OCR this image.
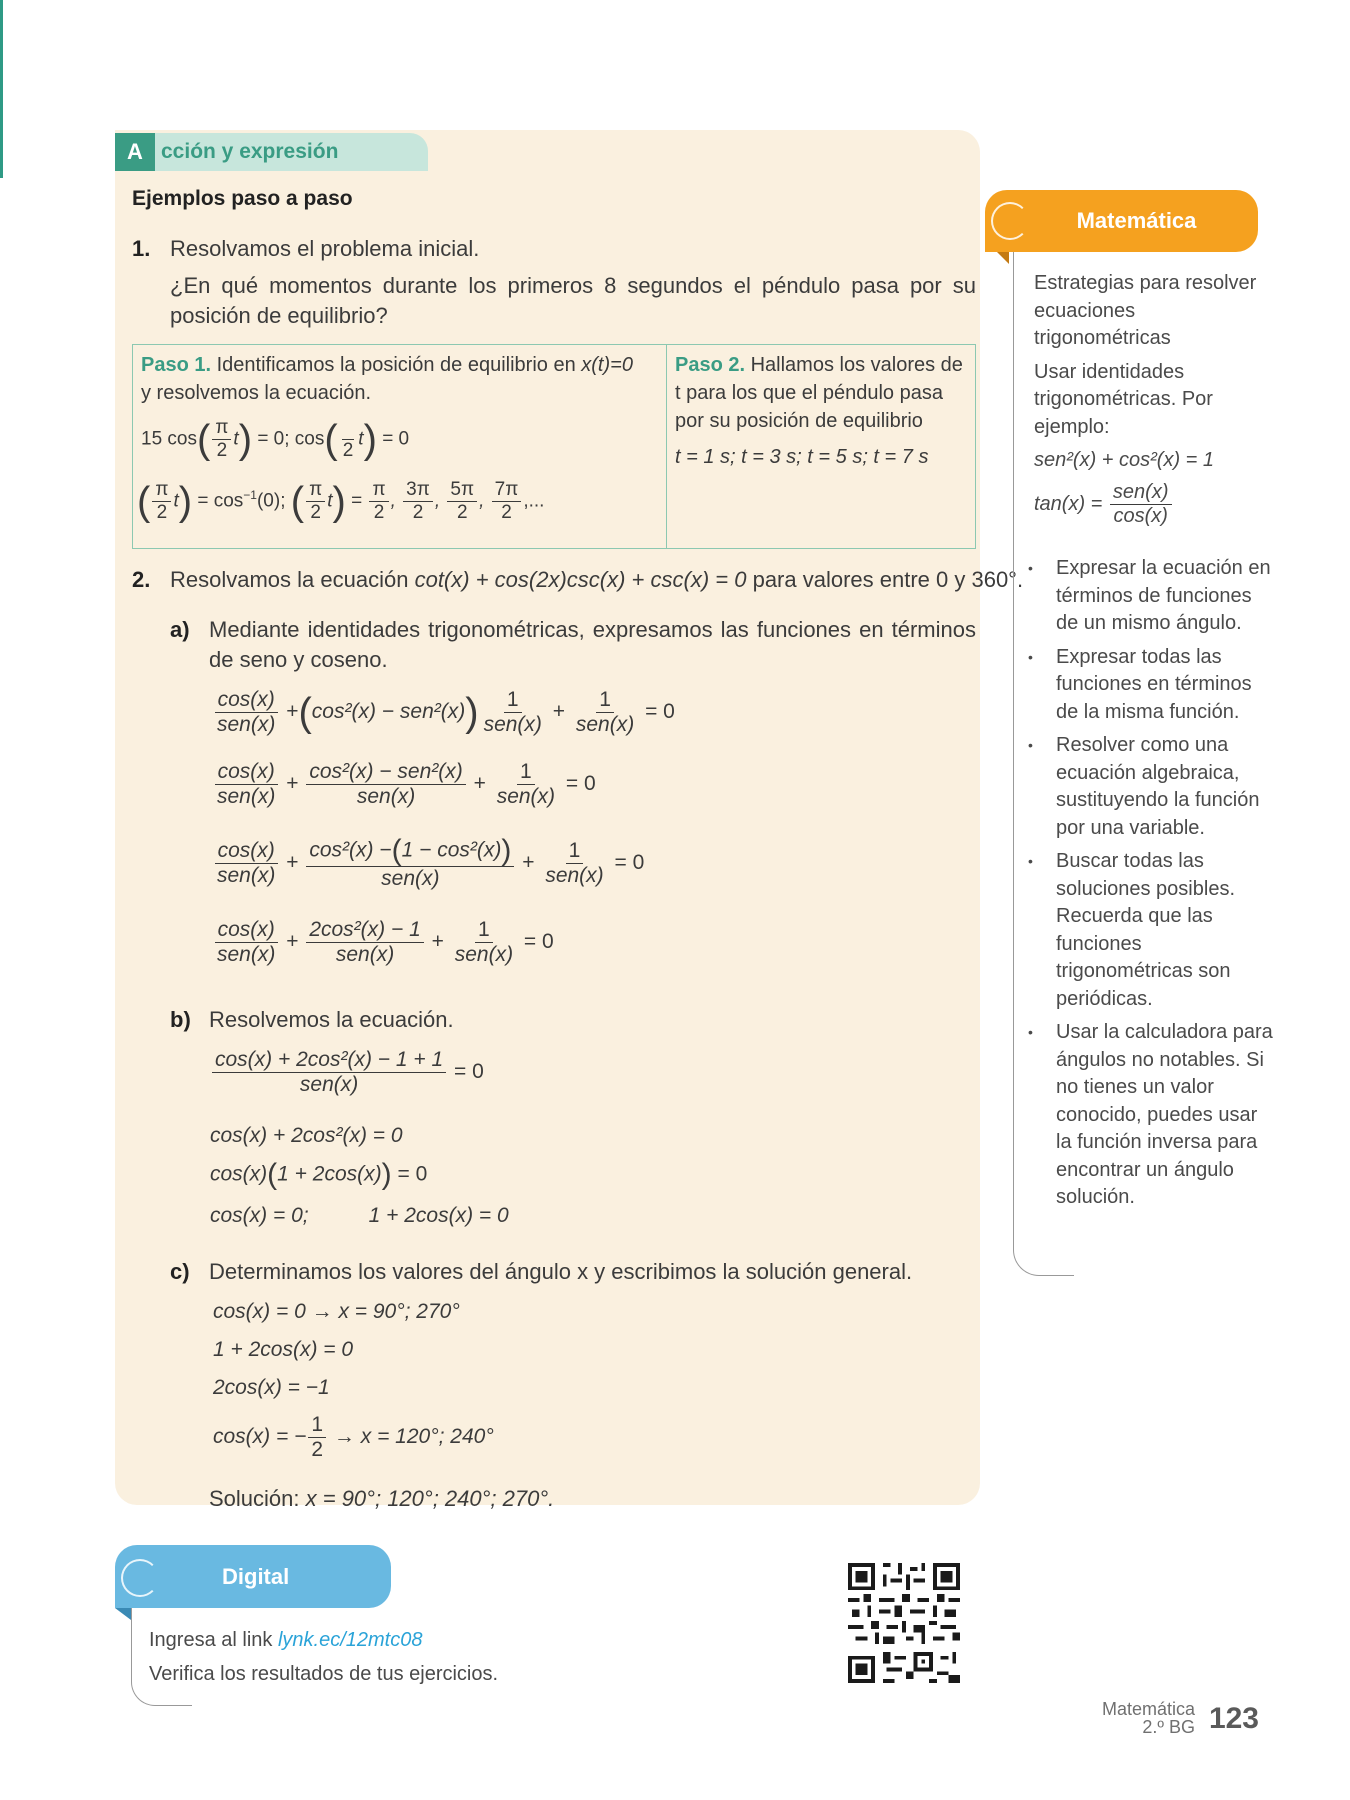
A cción y expresión
Ejemplos paso a paso
1. Resolvamos el problema inicial.
¿En qué momentos durante los primeros 8 segundos el péndulo pasa por su posición de equilibrio?
Paso 1. Identificamos la posición de equilibrio en x(t)=0
y resolvemos la ecuación.
15 $\cos( \frac{\pi}{2} t) = 0$; cos(
2
t) = 0
( $\frac{\pi}{2} t) = \cos^{-1}(0)$; ( $\frac{\pi}{2} t) = \frac{\pi}{2}$ , $\frac{3\pi}{2}$ , $\frac{5\pi}{2}$ , $\frac{7\pi}{2}$ ,...
Paso 2. Hallamos los valores de t para los que el péndulo pasa por su posición de equilibrio
t = 1 s; t = 3 s; t = 5 s; t = 7 s
2. Resolvamos la ecuación cot(x) + cos(2x)csc(x) + csc(x) = 0 para valores entre 0 y 360°.
a) Mediante identidades trigonométricas, expresamos las funciones en términos de seno y coseno.
$\frac{\cos(x)}{\text{sen(x)}} +(\cos^2(x) - sen^2(x)) \frac{1}{\text{sen(x)}} + \frac{1}{\text{sen(x)}} = 0$
$\frac{\cos(x)}{\text{sen(x)}} + \frac{\text{cos²(x) − sen²(x)}}{\text{sen(x)}} + \frac{1}{\text{sen(x)}} = 0$
$\frac{\cos(x)}{\text{sen(x)}} + \frac{\text{cos²(x) −(1 − cos²(x))}}{\text{sen(x)}} + \frac{1}{\text{sen(x)}} = 0$
$\frac{\cos(x)}{\text{sen(x)}} + \frac{\text{2cos²(x) − 1}}{\text{sen(x)}} + \frac{1}{\text{sen(x)}} = 0$
b) Resolvemos la ecuación.
$\frac{\text{cos(x) + 2cos²(x) − 1 + 1}}{\text{sen(x)}} = 0$
cos(x) + 2cos²(x) = 0
cos(x)(1 + 2cos(x)) = 0
cos(x) = 0;	1 + 2cos(x) = 0
c) Determinamos los valores del ángulo x y escribimos la solución general.
cos(x) = 0 → x = 90°; 270°
1 + 2cos(x) = 0
2cos(x) = −1
cos(x) = − $\frac{1}{2} \to x = 120^\circ$; 240°
Solución: x = 90°; 120°; 240°; 270°.
Matemática

Estrategias para resolver ecuaciones trigonométricas

Usar identidades trigonométricas. Por ejemplo:

sen²(x) + cos²(x) = 1

$\tan(x) = \frac{\text{sen(x)}}{\cos(x)}$

•	Expresar la ecuación en términos de funciones de un mismo ángulo.
•	Expresar todas las funciones en términos de la misma función.
•	Resolver como una ecuación algebraica, sustituyendo la función por una variable.
•	Buscar todas las soluciones posibles. Recuerda que las funciones trigonométricas son periódicas.
•	Usar la calculadora para ángulos no notables. Si no tienes un valor conocido, puedes usar la función inversa para encontrar un ángulo solución.
Digital
Ingresa al link lynk.ec/12mtc08
Verifica los resultados de tus ejercicios.
Matemática
2.º BG 123
